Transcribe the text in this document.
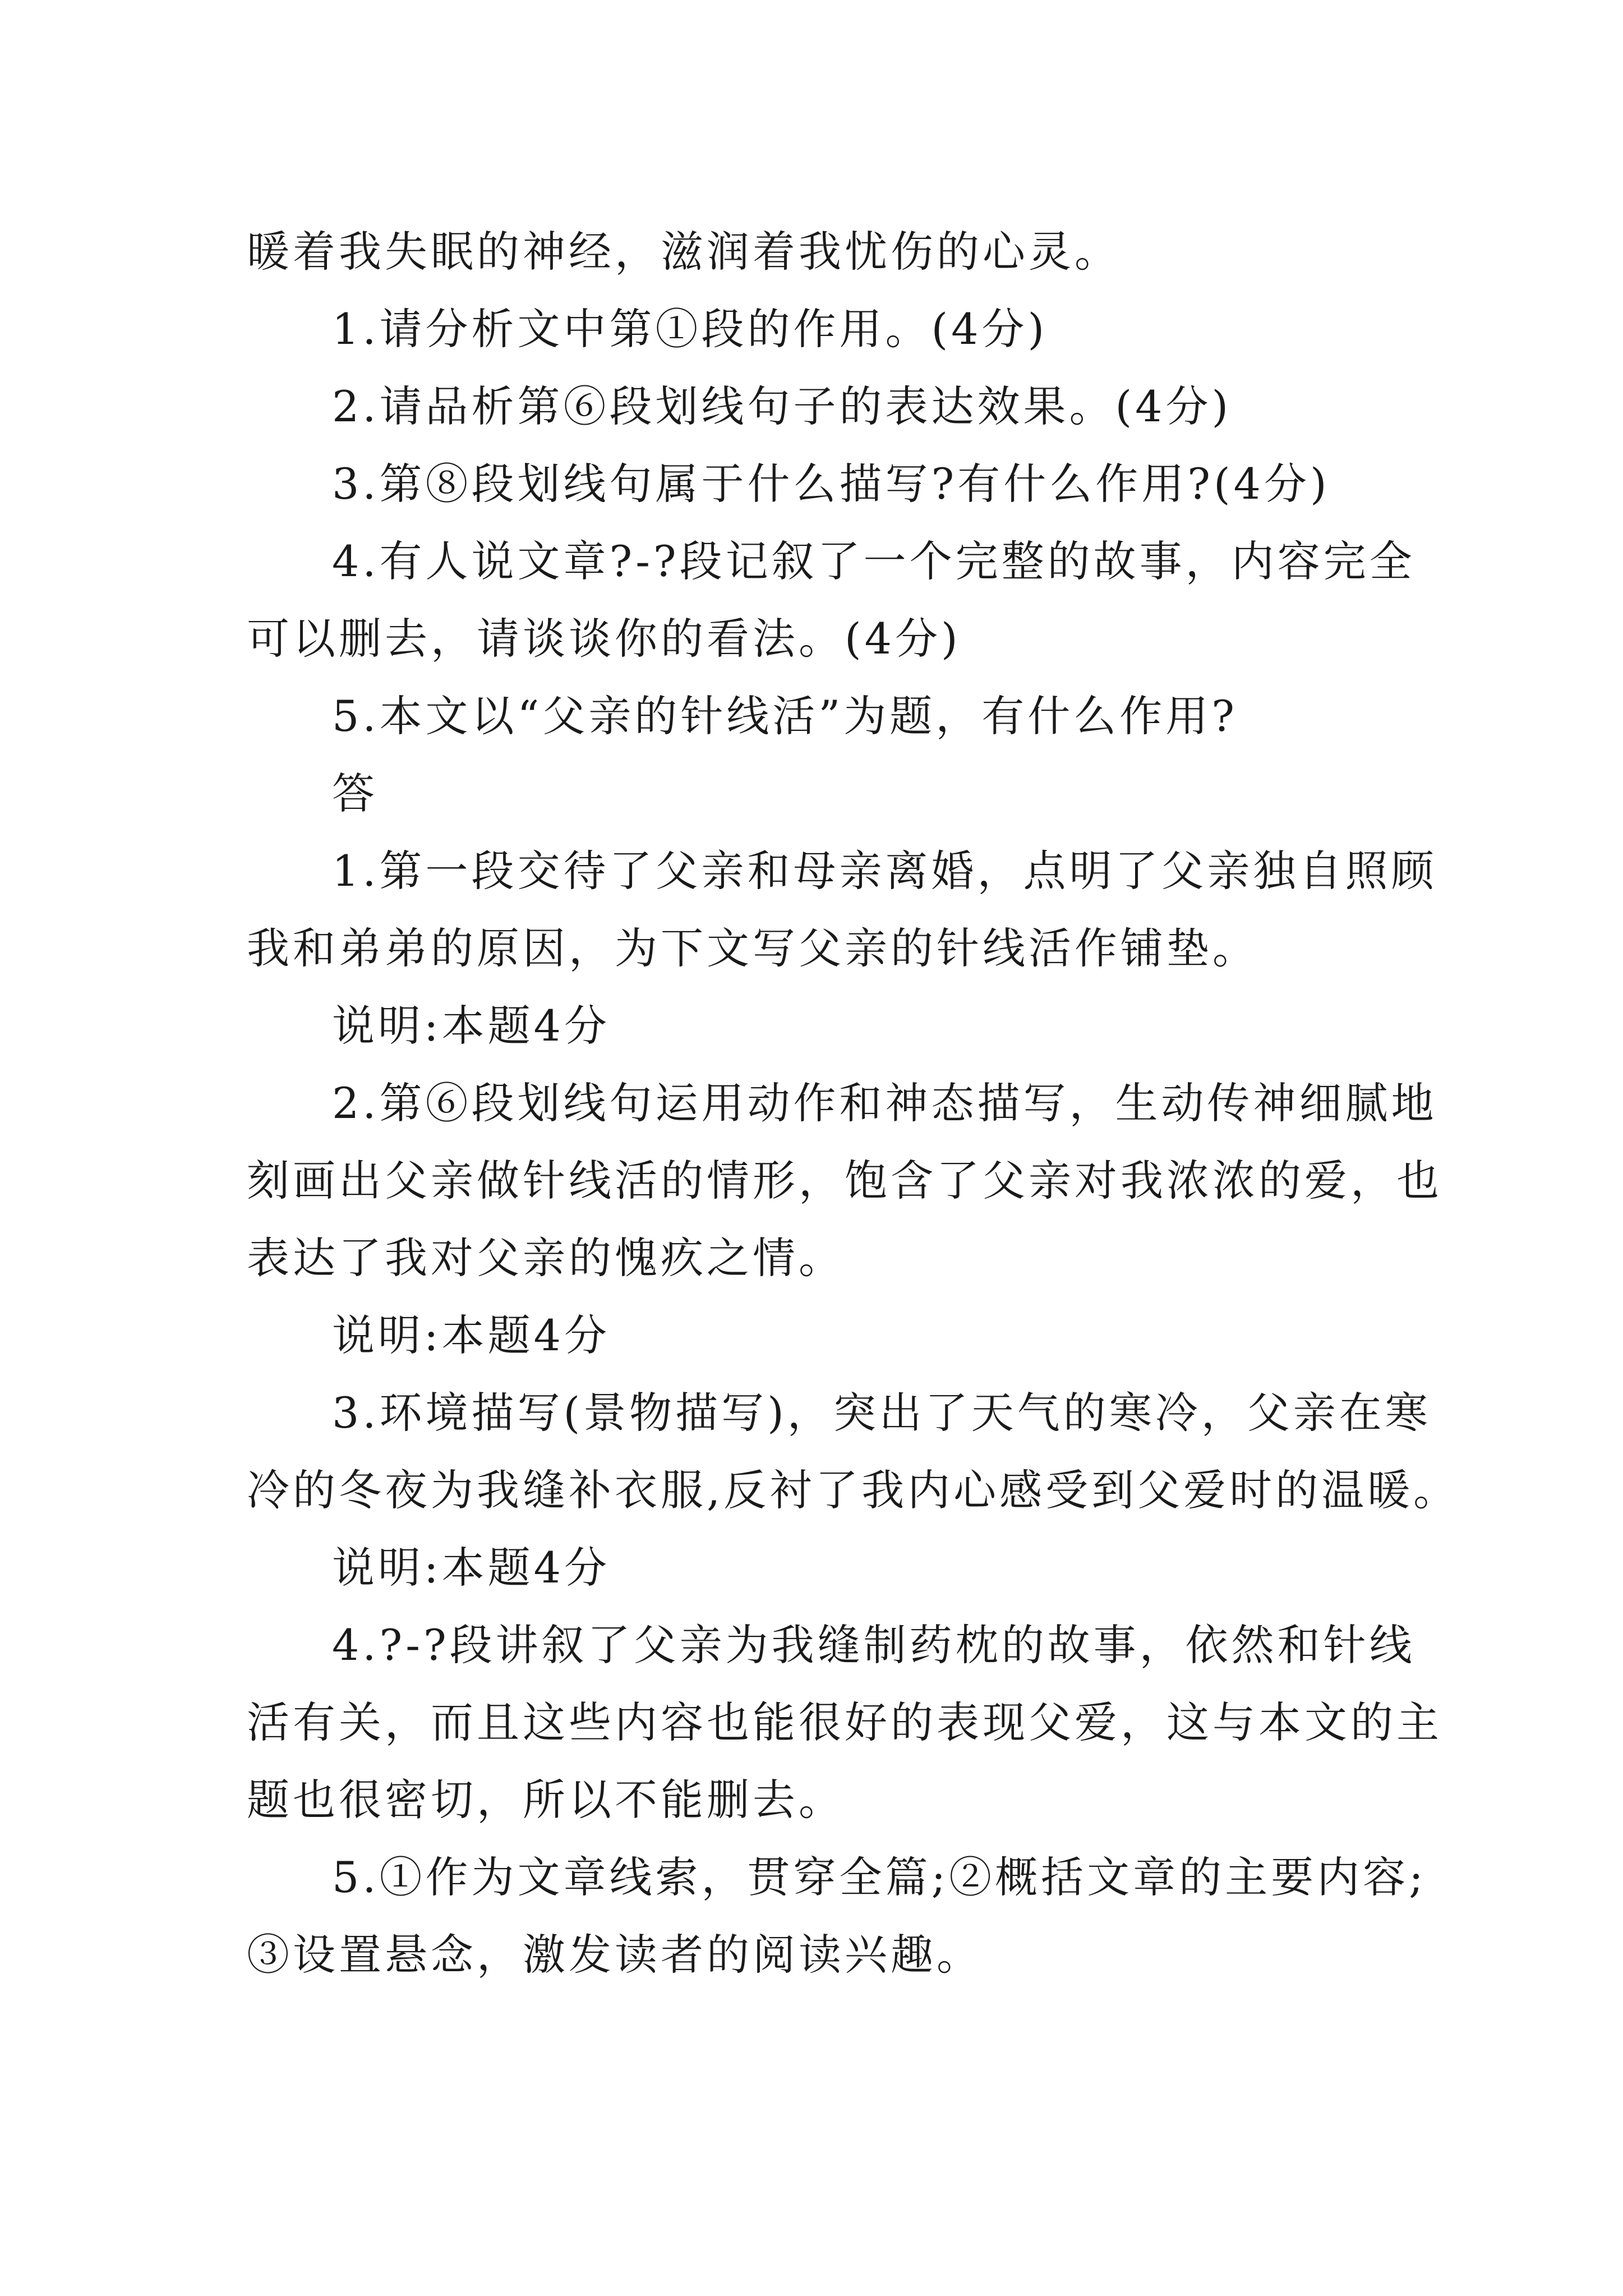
暖着我失眠的神经，滋润着我忧伤的心灵。

1.请分析文中第①段的作用。(4分)

2.请品析第⑥段划线句子的表达效果。(4分)

3.第⑧段划线句属于什么描写?有什么作用?(4分)

4.有人说文章?-?段记叙了一个完整的故事，内容完全

可以删去，请谈谈你的看法。(4分)

5.本文以“父亲的针线活”为题，有什么作用?

答

1.第一段交待了父亲和母亲离婚，点明了父亲独自照顾

我和弟弟的原因，为下文写父亲的针线活作铺垫。

说明:本题4分

2.第⑥段划线句运用动作和神态描写，生动传神细腻地

刻画出父亲做针线活的情形，饱含了父亲对我浓浓的爱，也

表达了我对父亲的愧疚之情。

说明:本题4分

3.环境描写(景物描写)，突出了天气的寒冷，父亲在寒

冷的冬夜为我缝补衣服,反衬了我内心感受到父爱时的温暖。

说明:本题4分

4.?-?段讲叙了父亲为我缝制药枕的故事，依然和针线

活有关，而且这些内容也能很好的表现父爱，这与本文的主

题也很密切，所以不能删去。

5.①作为文章线索，贯穿全篇;②概括文章的主要内容;

③设置悬念，激发读者的阅读兴趣。
